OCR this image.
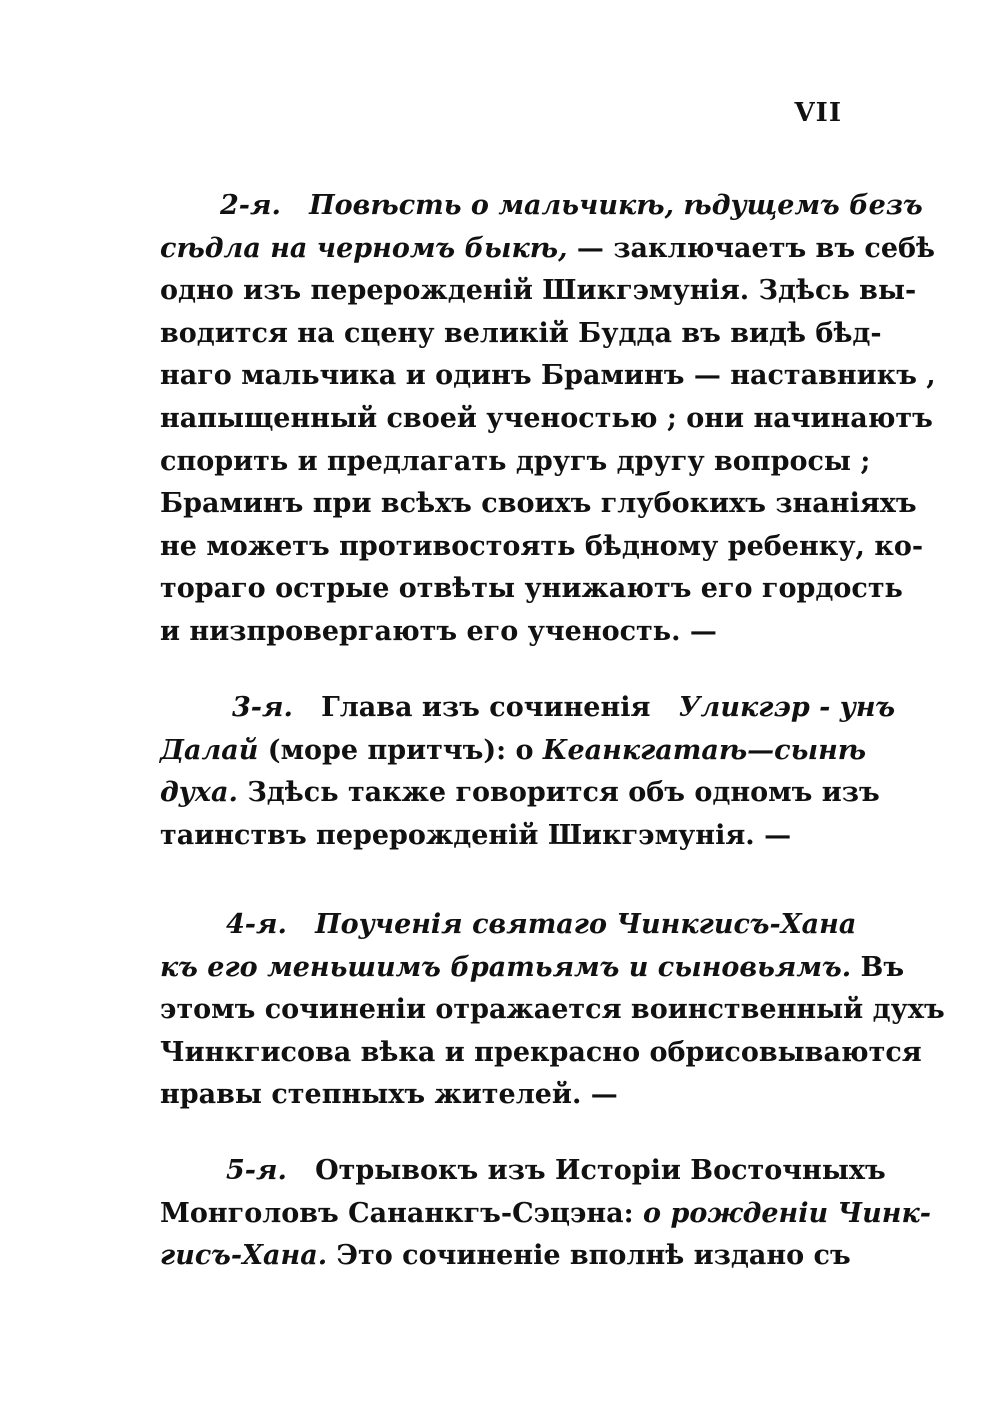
VII
2-я. Повѣсть о мальчикѣ, ѣдущемъ безъ
сѣдла на черномъ быкѣ, — заключаетъ въ себѣ
одно изъ перерожденій Шикгэмунія. Здѣсь вы-
водится на сцену великій Будда въ видѣ бѣд-
наго мальчика и одинъ Браминъ — наставникъ ,
напыщенный своей ученостью ; они начинаютъ
спорить и предлагать другъ другу вопросы ;
Браминъ при всѣхъ своихъ глубокихъ знаніяхъ
не можетъ противостоять бѣдному ребенку, ко-
тораго острые отвѣты унижаютъ его гордость
и низпровергаютъ его ученость. —
3-я. Глава изъ сочиненія Уликгэр - унъ
Далай (море притчъ): о Кеанкгатаѣ—сынѣ
духа. Здѣсь также говорится объ одномъ изъ
таинствъ перерожденій Шикгэмунія. —
4-я. Поученія святаго Чинкгисъ-Хана
къ его меньшимъ братьямъ и сыновьямъ. Въ
этомъ сочиненіи отражается воинственный духъ
Чинкгисова вѣка и прекрасно обрисовываются
нравы степныхъ жителей. —
5-я. Отрывокъ изъ Исторіи Восточныхъ
Монголовъ Сананкгъ-Сэцэна: о рожденіи Чинк-
гисъ-Хана. Это сочиненіе вполнѣ издано съ
